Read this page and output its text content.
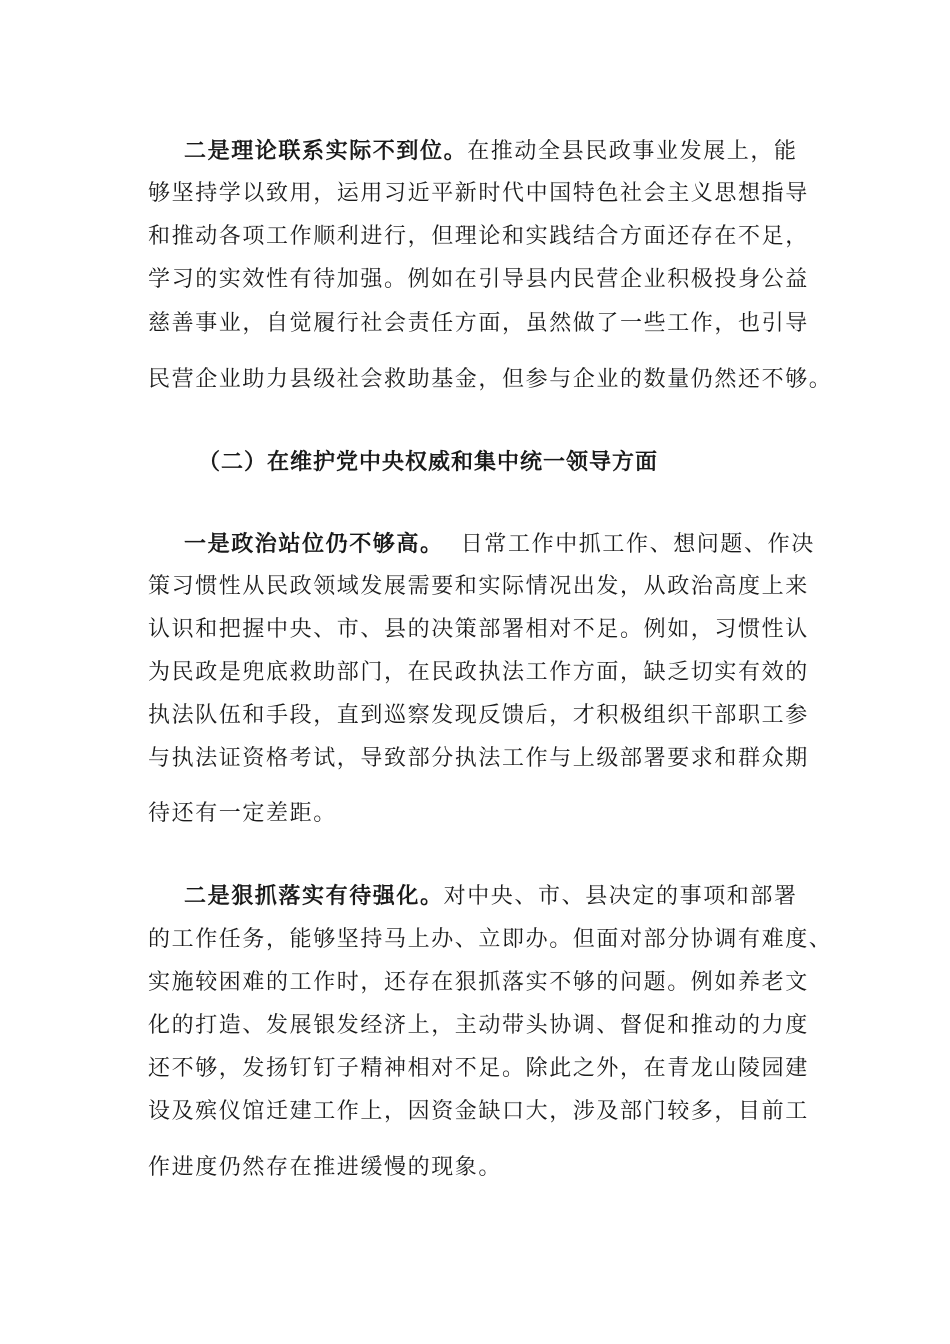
二是理论联系实际不到位。在推动全县民政事业发展上，能
够坚持学以致用，运用习近平新时代中国特色社会主义思想指导
和推动各项工作顺利进行，但理论和实践结合方面还存在不足，
学习的实效性有待加强。例如在引导县内民营企业积极投身公益
慈善事业，自觉履行社会责任方面，虽然做了一些工作，也引导
民营企业助力县级社会救助基金，但参与企业的数量仍然还不够。
（二）在维护党中央权威和集中统一领导方面
一是政治站位仍不够高。  日常工作中抓工作、想问题、作决
策习惯性从民政领域发展需要和实际情况出发，从政治高度上来
认识和把握中央、市、县的决策部署相对不足。例如，习惯性认
为民政是兜底救助部门，在民政执法工作方面，缺乏切实有效的
执法队伍和手段，直到巡察发现反馈后，才积极组织干部职工参
与执法证资格考试，导致部分执法工作与上级部署要求和群众期
待还有一定差距。
二是狠抓落实有待强化。对中央、市、县决定的事项和部署
的工作任务，能够坚持马上办、立即办。但面对部分协调有难度、
实施较困难的工作时，还存在狠抓落实不够的问题。例如养老文
化的打造、发展银发经济上，主动带头协调、督促和推动的力度
还不够，发扬钉钉子精神相对不足。除此之外，在青龙山陵园建
设及殡仪馆迁建工作上，因资金缺口大，涉及部门较多，目前工
作进度仍然存在推进缓慢的现象。
